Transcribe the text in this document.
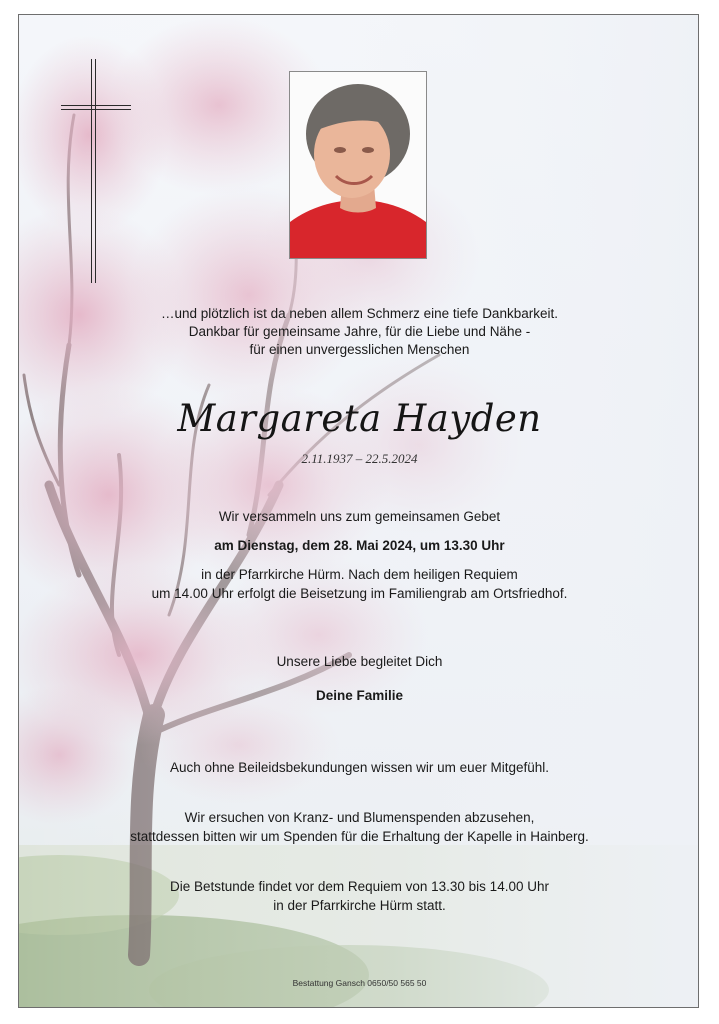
…und plötzlich ist da neben allem Schmerz eine tiefe Dankbarkeit.
Dankbar für gemeinsame Jahre, für die Liebe und Nähe -
für einen unvergesslichen Menschen
Margareta Hayden
2.11.1937 – 22.5.2024
Wir versammeln uns zum gemeinsamen Gebet
am Dienstag, dem 28. Mai 2024, um 13.30 Uhr
in der Pfarrkirche Hürm. Nach dem heiligen Requiem
um 14.00 Uhr erfolgt die Beisetzung im Familiengrab am Ortsfriedhof.
Unsere Liebe begleitet Dich
Deine Familie
Auch ohne Beileidsbekundungen wissen wir um euer Mitgefühl.
Wir ersuchen von Kranz- und Blumenspenden abzusehen,
stattdessen bitten wir um Spenden für die Erhaltung der Kapelle in Hainberg.
Die Betstunde findet vor dem Requiem von 13.30 bis 14.00 Uhr
in der Pfarrkirche Hürm statt.
Bestattung Gansch 0650/50 565 50
